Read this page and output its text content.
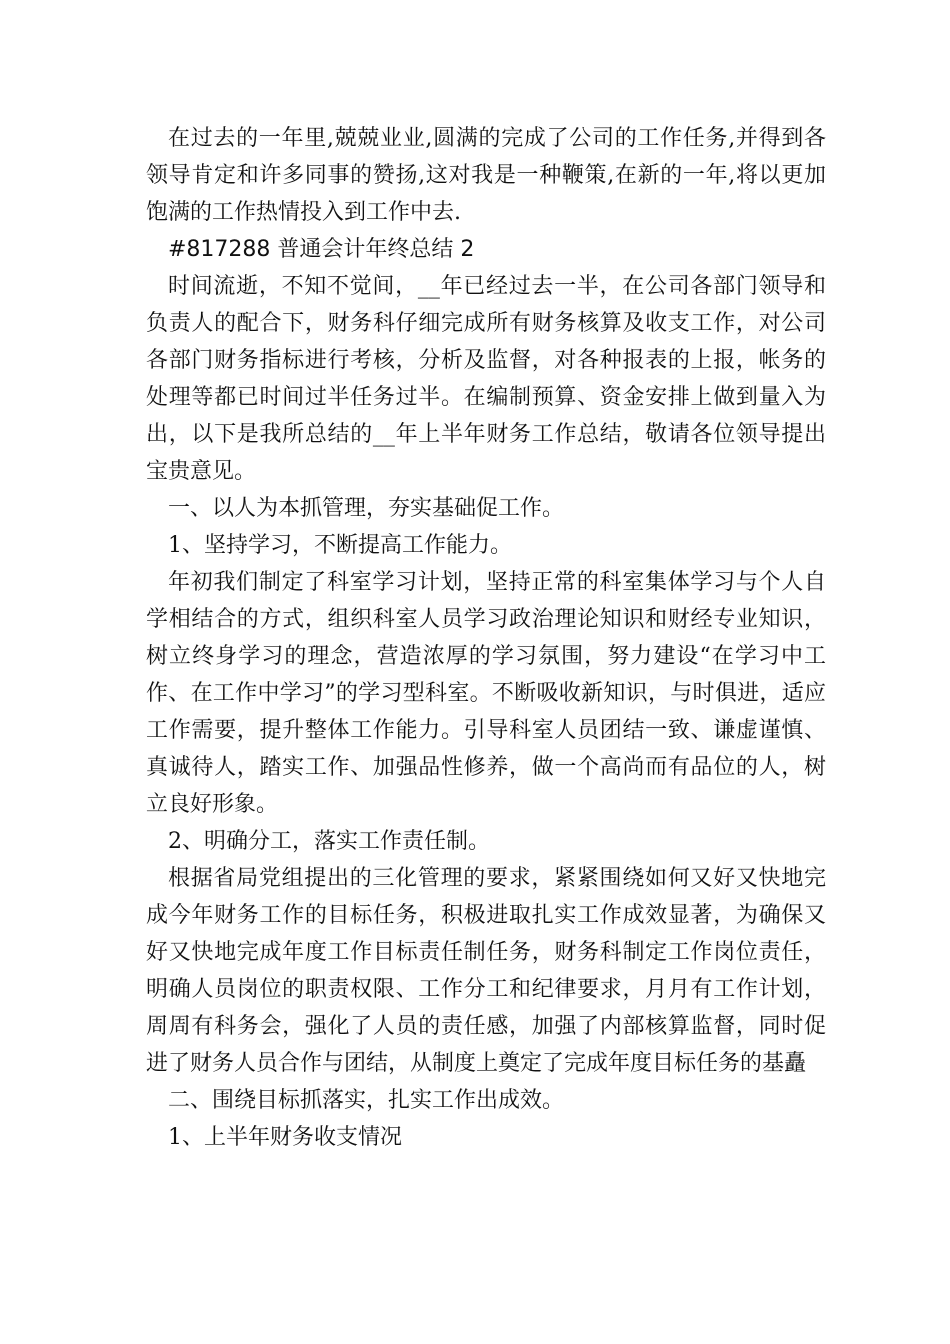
在过去的一年里,兢兢业业,圆满的完成了公司的工作任务,并得到各领导肯定和许多同事的赞扬,这对我是一种鞭策,在新的一年,将以更加饱满的工作热情投入到工作中去.

#817288 普通会计年终总结 2

时间流逝，不知不觉间，__年已经过去一半，在公司各部门领导和负责人的配合下，财务科仔细完成所有财务核算及收支工作，对公司各部门财务指标进行考核，分析及监督，对各种报表的上报，帐务的处理等都已时间过半任务过半。在编制预算、资金安排上做到量入为出，以下是我所总结的__年上半年财务工作总结，敬请各位领导提出宝贵意见。

一、以人为本抓管理，夯实基础促工作。

1、坚持学习，不断提高工作能力。

年初我们制定了科室学习计划，坚持正常的科室集体学习与个人自学相结合的方式，组织科室人员学习政治理论知识和财经专业知识，树立终身学习的理念，营造浓厚的学习氛围，努力建设“在学习中工作、在工作中学习”的学习型科室。不断吸收新知识，与时俱进，适应工作需要，提升整体工作能力。引导科室人员团结一致、谦虚谨慎、真诚待人，踏实工作、加强品性修养，做一个高尚而有品位的人，树立良好形象。

2、明确分工，落实工作责任制。

根据省局党组提出的三化管理的要求，紧紧围绕如何又好又快地完成今年财务工作的目标任务，积极进取扎实工作成效显著，为确保又好又快地完成年度工作目标责任制任务，财务科制定工作岗位责任，明确人员岗位的职责权限、工作分工和纪律要求，月月有工作计划，周周有科务会，强化了人员的责任感，加强了内部核算监督，同时促进了财务人员合作与团结，从制度上奠定了完成年度目标任务的基矗

二、围绕目标抓落实，扎实工作出成效。

1、上半年财务收支情况
